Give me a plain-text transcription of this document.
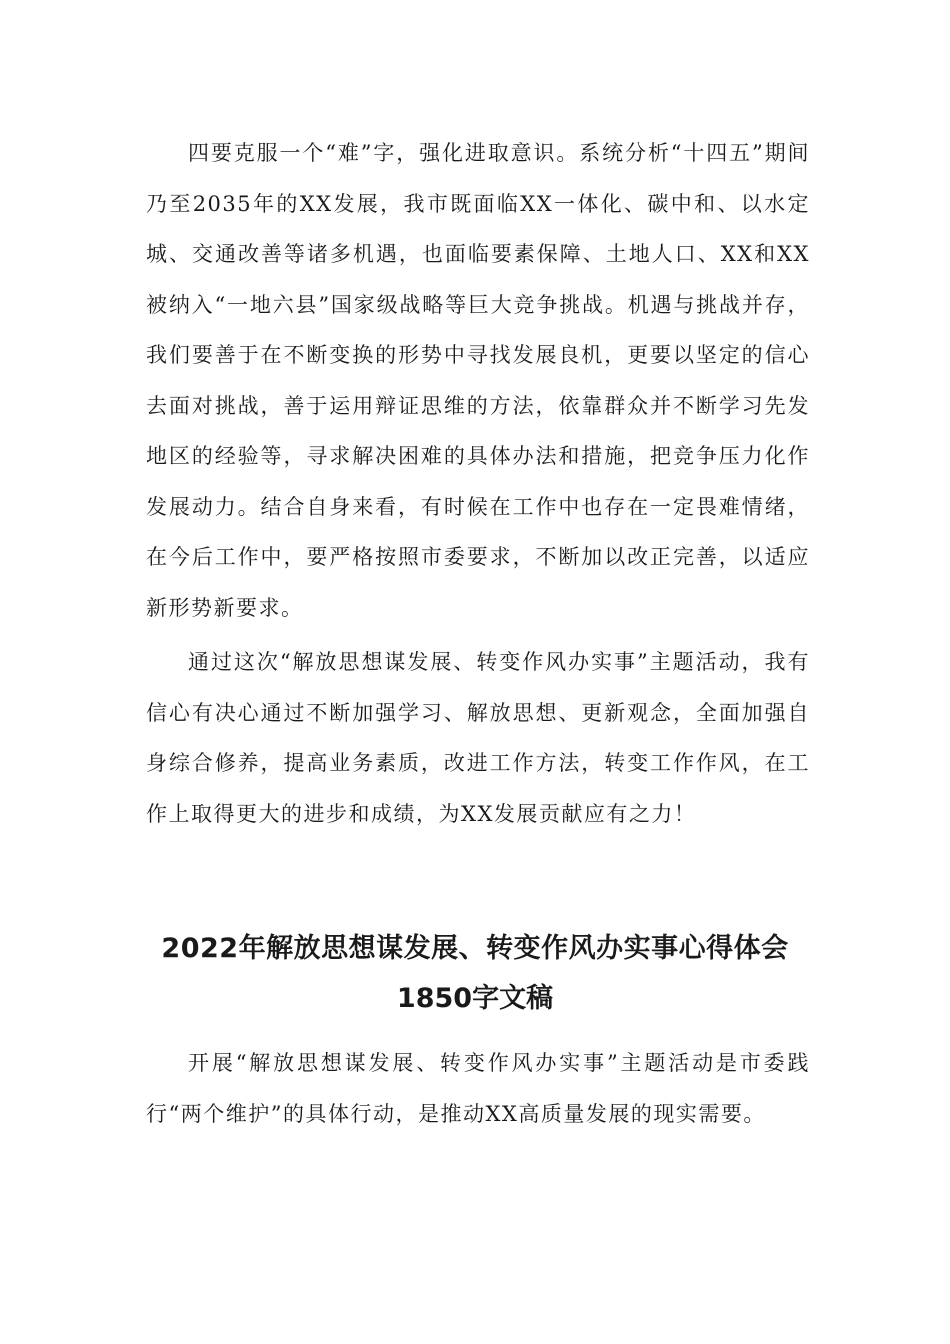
四要克服一个“难”字，强化进取意识。系统分析“十四五”期间乃至2035年的XX发展，我市既面临XX一体化、碳中和、以水定城、交通改善等诸多机遇，也面临要素保障、土地人口、XX和XX被纳入“一地六县”国家级战略等巨大竞争挑战。机遇与挑战并存，我们要善于在不断变换的形势中寻找发展良机，更要以坚定的信心去面对挑战，善于运用辩证思维的方法，依靠群众并不断学习先发地区的经验等，寻求解决困难的具体办法和措施，把竞争压力化作发展动力。结合自身来看，有时候在工作中也存在一定畏难情绪，在今后工作中，要严格按照市委要求，不断加以改正完善，以适应新形势新要求。

通过这次“解放思想谋发展、转变作风办实事”主题活动，我有信心有决心通过不断加强学习、解放思想、更新观念，全面加强自身综合修养，提高业务素质，改进工作方法，转变工作作风，在工作上取得更大的进步和成绩，为XX发展贡献应有之力！

2022年解放思想谋发展、转变作风办实事心得体会
1850字文稿

开展“解放思想谋发展、转变作风办实事”主题活动是市委践行“两个维护”的具体行动，是推动XX高质量发展的现实需要。
